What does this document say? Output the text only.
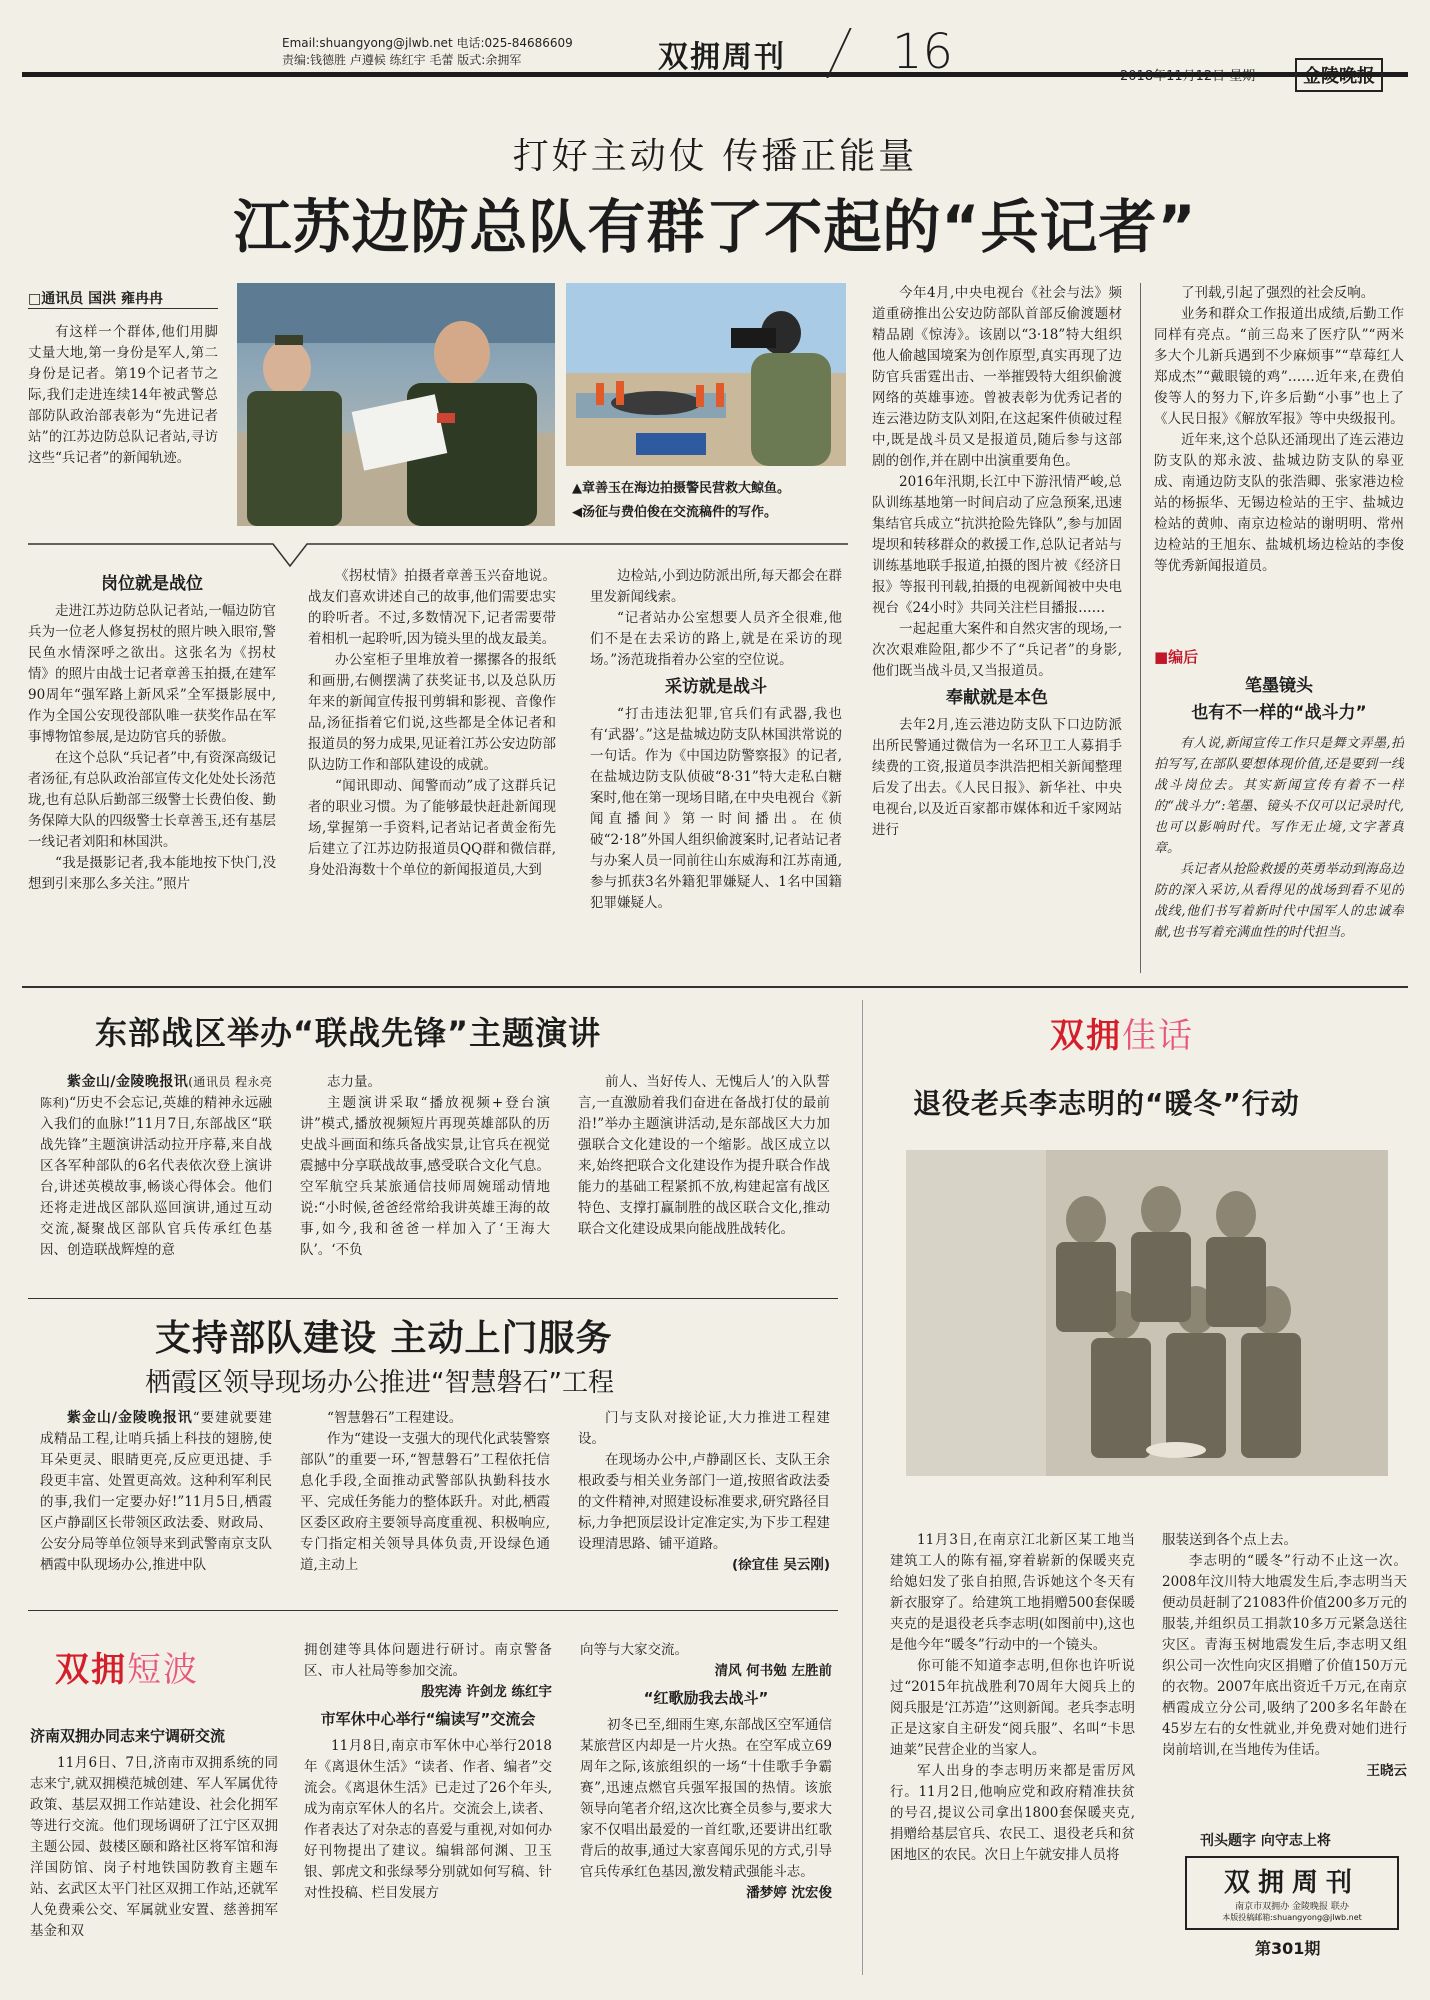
Email:shuangyong@jlwb.net 电话:025-84686609
责编:钱德胜 卢遵候 练红宇 毛蕾 版式:余拥军	双拥周刊 16	2018年11月12日 星期一	金陵晚报
打好主动仗 传播正能量
江苏边防总队有群了不起的“兵记者”
□通讯员 国洪 雍冉冉

有这样一个群体,他们用脚丈量大地,第一身份是军人,第二身份是记者。第19个记者节之际,我们走进连续14年被武警总部防队政治部表彰为“先进记者站”的江苏边防总队记者站,寻访这些“兵记者”的新闻轨迹。

▲章善玉在海边拍摄警民营救大鲸鱼。
◀汤征与费伯俊在交流稿件的写作。
岗位就是战位

走进江苏边防总队记者站,一幅边防官兵为一位老人修复拐杖的照片映入眼帘,警民鱼水情深呼之欲出。这张名为《拐杖情》的照片由战士记者章善玉拍摄,在建军90周年“强军路上新风采”全军摄影展中,作为全国公安现役部队唯一获奖作品在军事博物馆参展,是边防官兵的骄傲。

在这个总队“兵记者”中,有资深高级记者汤征,有总队政治部宣传文化处处长汤范珑,也有总队后勤部三级警士长费伯俊、勤务保障大队的四级警士长章善玉,还有基层一线记者刘阳和林国洪。

“我是摄影记者,我本能地按下快门,没想到引来那么多关注。”照片

《拐杖情》拍摄者章善玉兴奋地说。战友们喜欢讲述自己的故事,他们需要忠实的聆听者。不过,多数情况下,记者需要带着相机一起聆听,因为镜头里的战友最美。

办公室柜子里堆放着一摞摞各的报纸和画册,右侧摆满了获奖证书,以及总队历年来的新闻宣传报刊剪辑和影视、音像作品,汤征指着它们说,这些都是全体记者和报道员的努力成果,见证着江苏公安边防部队边防工作和部队建设的成就。

“闻讯即动、闻警而动”成了这群兵记者的职业习惯。为了能够最快赶赴新闻现场,掌握第一手资料,记者站记者黄金衔先后建立了江苏边防报道员QQ群和微信群,身处沿海数十个单位的新闻报道员,大到

边检站,小到边防派出所,每天都会在群里发新闻线索。

“记者站办公室想要人员齐全很难,他们不是在去采访的路上,就是在采访的现场。”汤范珑指着办公室的空位说。

采访就是战斗

“打击违法犯罪,官兵们有武器,我也有‘武器’。”这是盐城边防支队林国洪常说的一句话。作为《中国边防警察报》的记者,在盐城边防支队侦破“8·31”特大走私白糖案时,他在第一现场目睹,在中央电视台《新闻直播间》第一时间播出。在侦破“2·18”外国人组织偷渡案时,记者站记者与办案人员一同前往山东威海和江苏南通,参与抓获3名外籍犯罪嫌疑人、1名中国籍犯罪嫌疑人。

今年4月,中央电视台《社会与法》频道重磅推出公安边防部队首部反偷渡题材精品剧《惊涛》。该剧以“3·18”特大组织他人偷越国境案为创作原型,真实再现了边防官兵雷霆出击、一举摧毁特大组织偷渡网络的英雄事迹。曾被表彰为优秀记者的连云港边防支队刘阳,在这起案件侦破过程中,既是战斗员又是报道员,随后参与这部剧的创作,并在剧中出演重要角色。

2016年汛期,长江中下游汛情严峻,总队训练基地第一时间启动了应急预案,迅速集结官兵成立“抗洪抢险先锋队”,参与加固堤坝和转移群众的救援工作,总队记者站与训练基地联手报道,拍摄的图片被《经济日报》等报刊刊载,拍摄的电视新闻被中央电视台《24小时》共同关注栏目播报……

一起起重大案件和自然灾害的现场,一次次艰难险阻,都少不了“兵记者”的身影,他们既当战斗员,又当报道员。

奉献就是本色

去年2月,连云港边防支队下口边防派出所民警通过微信为一名环卫工人募捐手续费的工资,报道员李洪浩把相关新闻整理后发了出去。《人民日报》、新华社、中央电视台,以及近百家都市媒体和近千家网站进行

了刊载,引起了强烈的社会反响。

业务和群众工作报道出成绩,后勤工作同样有亮点。“前三岛来了医疗队”“两米多大个儿新兵遇到不少麻烦事”“草莓红人郑成杰”“戴眼镜的鸡”……近年来,在费伯俊等人的努力下,许多后勤“小事”也上了《人民日报》《解放军报》等中央级报刊。

近年来,这个总队还涌现出了连云港边防支队的郑永波、盐城边防支队的皋亚成、南通边防支队的张浩卿、张家港边检站的杨振华、无锡边检站的王宇、盐城边检站的黄帅、南京边检站的谢明明、常州边检站的王旭东、盐城机场边检站的李俊等优秀新闻报道员。

■编后
笔墨镜头
也有不一样的“战斗力”

有人说,新闻宣传工作只是舞文弄墨,拍拍写写,在部队要想体现价值,还是要到一线战斗岗位去。其实新闻宣传有着不一样的“战斗力”:笔墨、镜头不仅可以记录时代,也可以影响时代。写作无止境,文字著真章。

兵记者从抢险救援的英勇举动到海岛边防的深入采访,从看得见的战场到看不见的战线,他们书写着新时代中国军人的忠诚奉献,也书写着充满血性的时代担当。

东部战区举办“联战先锋”主题演讲

紫金山/金陵晚报讯(通讯员 程永亮 陈利)“历史不会忘记,英雄的精神永远融入我们的血脉!”11月7日,东部战区“联战先锋”主题演讲活动拉开序幕,来自战区各军种部队的6名代表依次登上演讲台,讲述英模故事,畅谈心得体会。他们还将走进战区部队巡回演讲,通过互动交流,凝聚战区部队官兵传承红色基因、创造联战辉煌的意

志力量。

主题演讲采取“播放视频+登台演讲”模式,播放视频短片再现英雄部队的历史战斗画面和练兵备战实景,让官兵在视觉震撼中分享联战故事,感受联合文化气息。空军航空兵某旅通信技师周婉瑶动情地说:“小时候,爸爸经常给我讲英雄王海的故事,如今,我和爸爸一样加入了‘王海大队’。‘不负

前人、当好传人、无愧后人’的入队誓言,一直激励着我们奋进在备战打仗的最前沿!”举办主题演讲活动,是东部战区大力加强联合文化建设的一个缩影。战区成立以来,始终把联合文化建设作为提升联合作战能力的基础工程紧抓不放,构建起富有战区特色、支撑打赢制胜的战区联合文化,推动联合文化建设成果向能战胜战转化。

支持部队建设 主动上门服务
栖霞区领导现场办公推进“智慧磐石”工程

紫金山/金陵晚报讯“要建就要建成精品工程,让哨兵插上科技的翅膀,使耳朵更灵、眼睛更亮,反应更迅捷、手段更丰富、处置更高效。这种利军利民的事,我们一定要办好!”11月5日,栖霞区卢静副区长带领区政法委、财政局、公安分局等单位领导来到武警南京支队栖霞中队现场办公,推进中队

“智慧磐石”工程建设。

作为“建设一支强大的现代化武装警察部队”的重要一环,“智慧磐石”工程依托信息化手段,全面推动武警部队执勤科技水平、完成任务能力的整体跃升。对此,栖霞区委区政府主要领导高度重视、积极响应,专门指定相关领导具体负责,开设绿色通道,主动上

门与支队对接论证,大力推进工程建设。

在现场办公中,卢静副区长、支队王余根政委与相关业务部门一道,按照省政法委的文件精神,对照建设标准要求,研究路径目标,力争把顶层设计定准定实,为下步工程建设理清思路、铺平道路。

(徐宜佳 吴云刚)
双拥短波
济南双拥办同志来宁调研交流

11月6日、7日,济南市双拥系统的同志来宁,就双拥模范城创建、军人军属优待政策、基层双拥工作站建设、社会化拥军等进行交流。他们现场调研了江宁区双拥主题公园、鼓楼区颐和路社区将军馆和海洋国防馆、岗子村地铁国防教育主题车站、玄武区太平门社区双拥工作站,还就军人免费乘公交、军属就业安置、慈善拥军基金和双

拥创建等具体问题进行研讨。南京警备区、市人社局等参加交流。

殷宪涛 许剑龙 练红宇
市军休中心举行“编读写”交流会

11月8日,南京市军休中心举行2018年《离退休生活》“读者、作者、编者”交流会。《离退休生活》已走过了26个年头,成为南京军休人的名片。交流会上,读者、作者表达了对杂志的喜爱与重视,对如何办好刊物提出了建议。编辑部何渊、卫玉银、郭虎文和张绿琴分别就如何写稿、针对性投稿、栏目发展方

向等与大家交流。

清风 何书勉 左胜前
“红歌励我去战斗”

初冬已至,细雨生寒,东部战区空军通信某旅营区内却是一片火热。在空军成立69周年之际,该旅组织的一场“十佳歌手争霸赛”,迅速点燃官兵强军报国的热情。该旅领导向笔者介绍,这次比赛全员参与,要求大家不仅唱出最爱的一首红歌,还要讲出红歌背后的故事,通过大家喜闻乐见的方式,引导官兵传承红色基因,激发精武强能斗志。

潘梦婷 沈宏俊
双拥佳话
退役老兵李志明的“暖冬”行动

11月3日,在南京江北新区某工地当建筑工人的陈有福,穿着崭新的保暖夹克给媳妇发了张自拍照,告诉她这个冬天有新衣服穿了。给建筑工地捐赠500套保暖夹克的是退役老兵李志明(如图前中),这也是他今年“暖冬”行动中的一个镜头。

你可能不知道李志明,但你也许听说过“2015年抗战胜利70周年大阅兵上的阅兵服是‘江苏造’”这则新闻。老兵李志明正是这家自主研发“阅兵服”、名叫“卡思迪莱”民营企业的当家人。

军人出身的李志明历来都是雷厉风行。11月2日,他响应党和政府精准扶贫的号召,提议公司拿出1800套保暖夹克,捐赠给基层官兵、农民工、退役老兵和贫困地区的农民。次日上午就安排人员将

服装送到各个点上去。

李志明的“暖冬”行动不止这一次。2008年汶川特大地震发生后,李志明当天便动员赶制了21083件价值200多万元的服装,并组织员工捐款10多万元紧急送往灾区。青海玉树地震发生后,李志明又组织公司一次性向灾区捐赠了价值150万元的衣物。2007年底出资近千万元,在南京栖霞成立分公司,吸纳了200多名年龄在45岁左右的女性就业,并免费对她们进行岗前培训,在当地传为佳话。

王晓云
刊头题字 向守志上将
双拥周刊
南京市双拥办 金陵晚报 联办
本版投稿邮箱:shuangyong@jlwb.net
第301期
